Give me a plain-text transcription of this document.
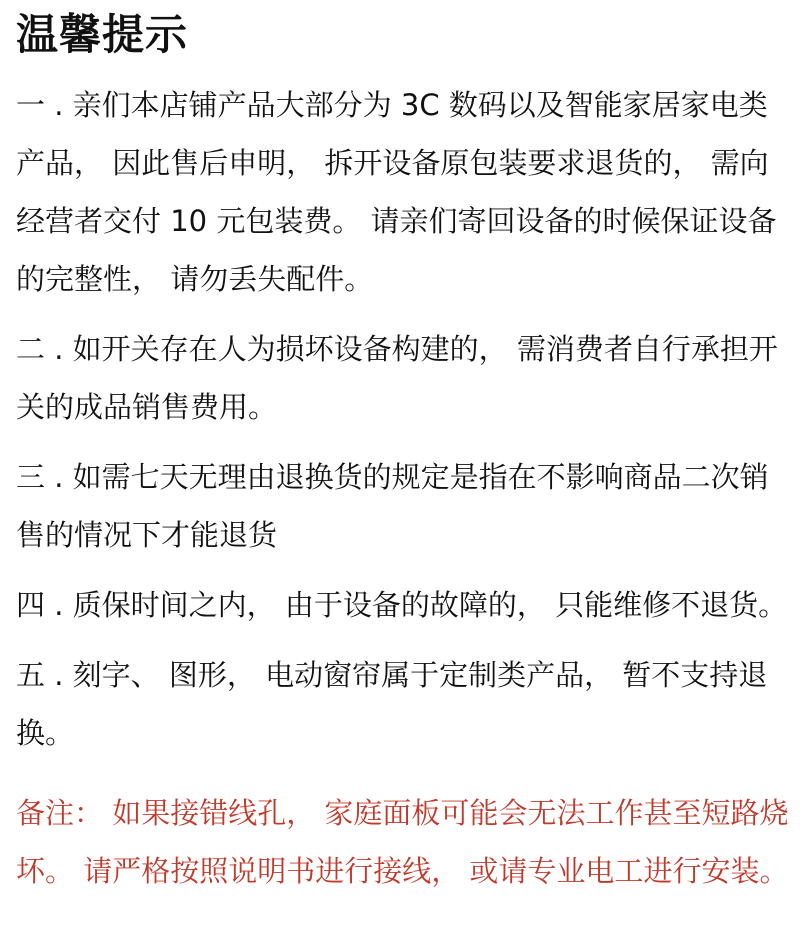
温馨提示
一 . 亲们本店铺产品大部分为 3C 数码以及智能家居家电类产品， 因此售后申明， 拆开设备原包装要求退货的， 需向经营者交付 10 元包装费。 请亲们寄回设备的时候保证设备的完整性， 请勿丢失配件。
二 . 如开关存在人为损坏设备构建的， 需消费者自行承担开关的成品销售费用。
三 . 如需七天无理由退换货的规定是指在不影响商品二次销售的情况下才能退货
四 . 质保时间之内， 由于设备的故障的， 只能维修不退货。
五 . 刻字、 图形， 电动窗帘属于定制类产品， 暂不支持退换。
备注： 如果接错线孔， 家庭面板可能会无法工作甚至短路烧坏。 请严格按照说明书进行接线， 或请专业电工进行安装。
